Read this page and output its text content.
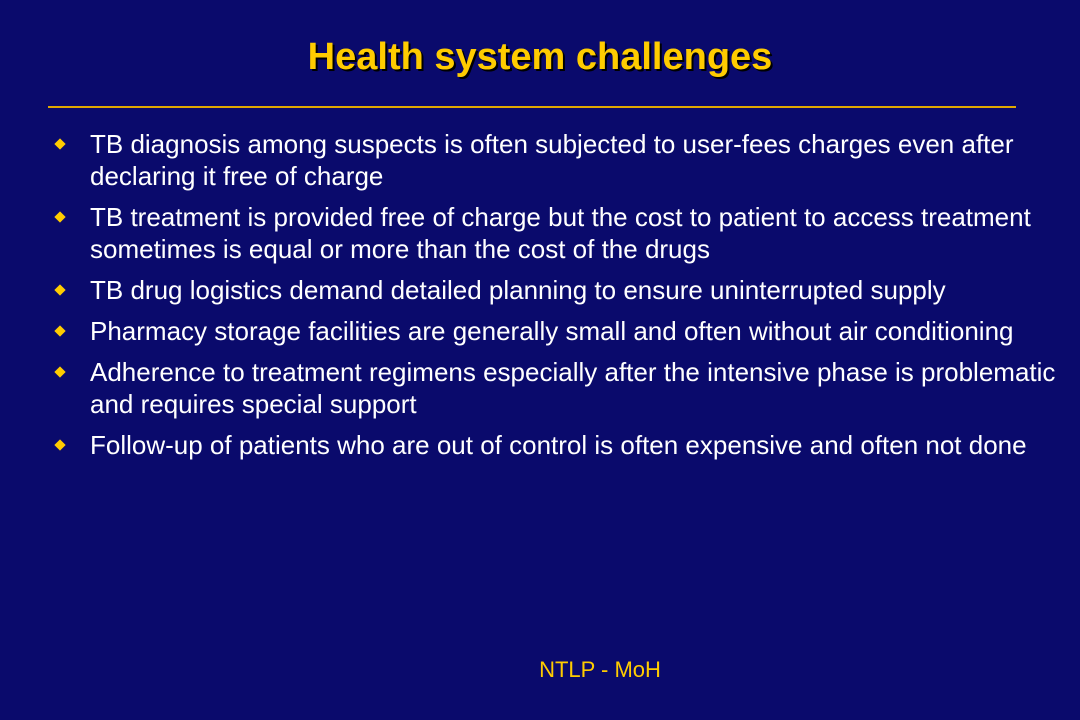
Health system challenges
TB diagnosis among suspects is often subjected to user-fees charges even after declaring it free of charge
TB treatment is provided free of charge but the cost to patient to access treatment sometimes is equal or more than the cost of the drugs
TB drug logistics demand detailed planning to ensure uninterrupted supply
Pharmacy storage facilities are generally small and often without air conditioning
Adherence to treatment regimens especially after the intensive phase is problematic and requires special support
Follow-up of patients who are out of control is often expensive and often not done
NTLP - MoH
